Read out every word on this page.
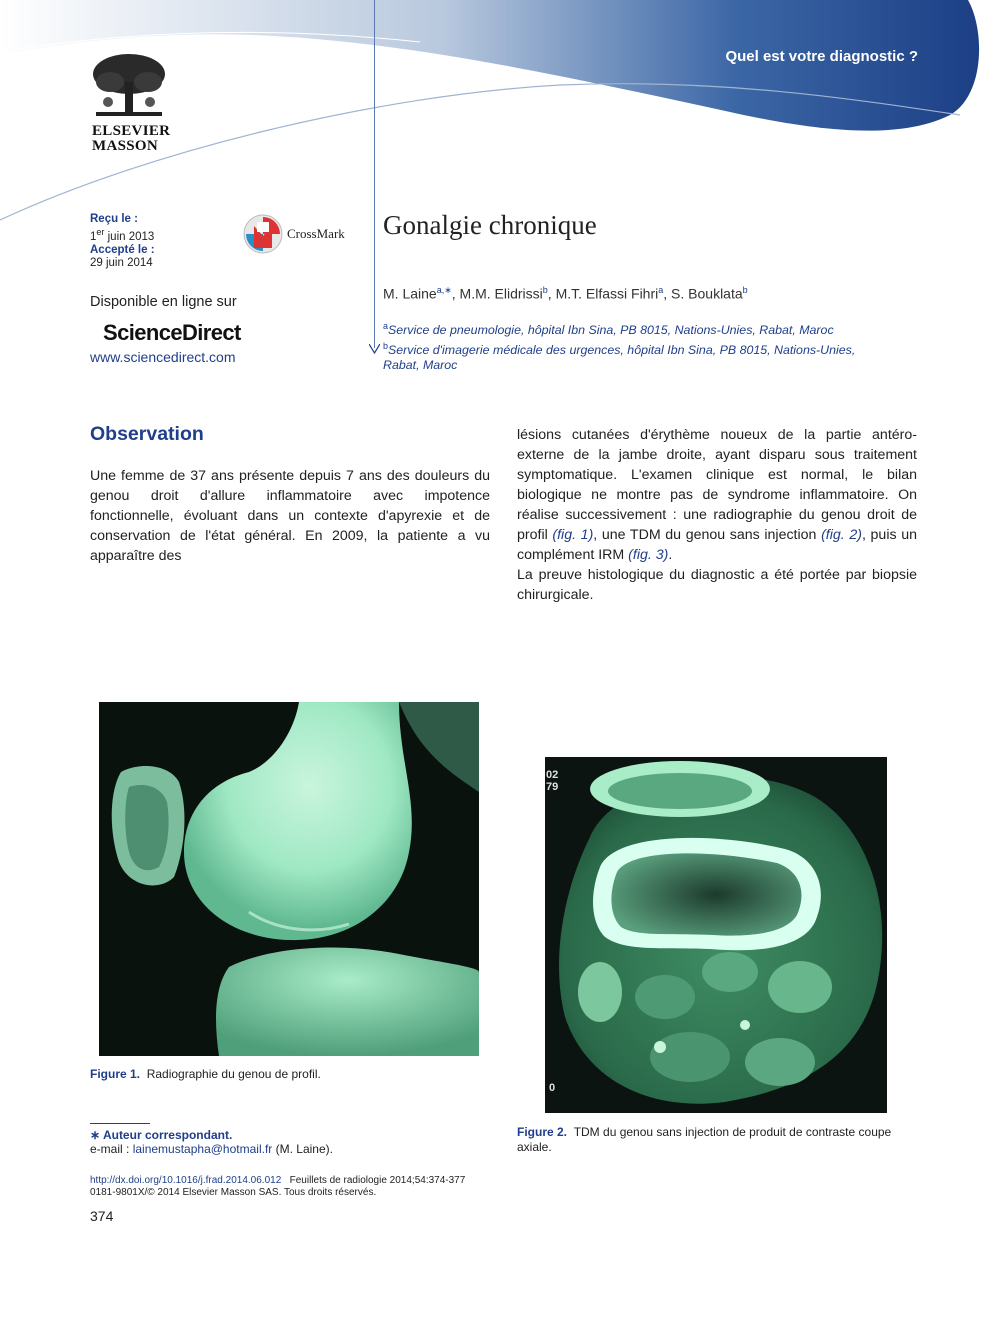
Quel est votre diagnostic ?
ELSEVIER
MASSON
Reçu le :
1er juin 2013
Accepté le :
29 juin 2014
CrossMark
Disponible en ligne sur
ScienceDirect
www.sciencedirect.com
Gonalgie chronique
M. Laine$^{a,∗}$, M.M. Elidrissi$^b$, M.T. Elfassi Fihri$^a$, S. Bouklata$^b$
$^a$Service de pneumologie, hôpital Ibn Sina, PB 8015, Nations-Unies, Rabat, Maroc
$^b$Service d'imagerie médicale des urgences, hôpital Ibn Sina, PB 8015, Nations-Unies,
Rabat, Maroc
Observation

Une femme de 37 ans présente depuis 7 ans des douleurs du genou droit d'allure inflammatoire avec impotence fonctionnelle, évoluant dans un contexte d'apyrexie et de conservation de l'état général. En 2009, la patiente a vu apparaître des

lésions cutanées d'érythème noueux de la partie antéro-externe de la jambe droite, ayant disparu sous traitement symptomatique. L'examen clinique est normal, le bilan biologique ne montre pas de syndrome inflammatoire. On réalise successivement : une radiographie du genou droit de profil (fig. 1), une TDM du genou sans injection (fig. 2), puis un complément IRM (fig. 3).

La preuve histologique du diagnostic a été portée par biopsie chirurgicale.

Figure 1. Radiographie du genou de profil.
02
79
0
Figure 2. TDM du genou sans injection de produit de contraste coupe axiale.
∗ Auteur correspondant.
e-mail : lainemustapha@hotmail.fr (M. Laine).
http://dx.doi.org/10.1016/j.frad.2014.06.012 Feuillets de radiologie 2014;54:374-377
0181-9801X/© 2014 Elsevier Masson SAS. Tous droits réservés.
374
